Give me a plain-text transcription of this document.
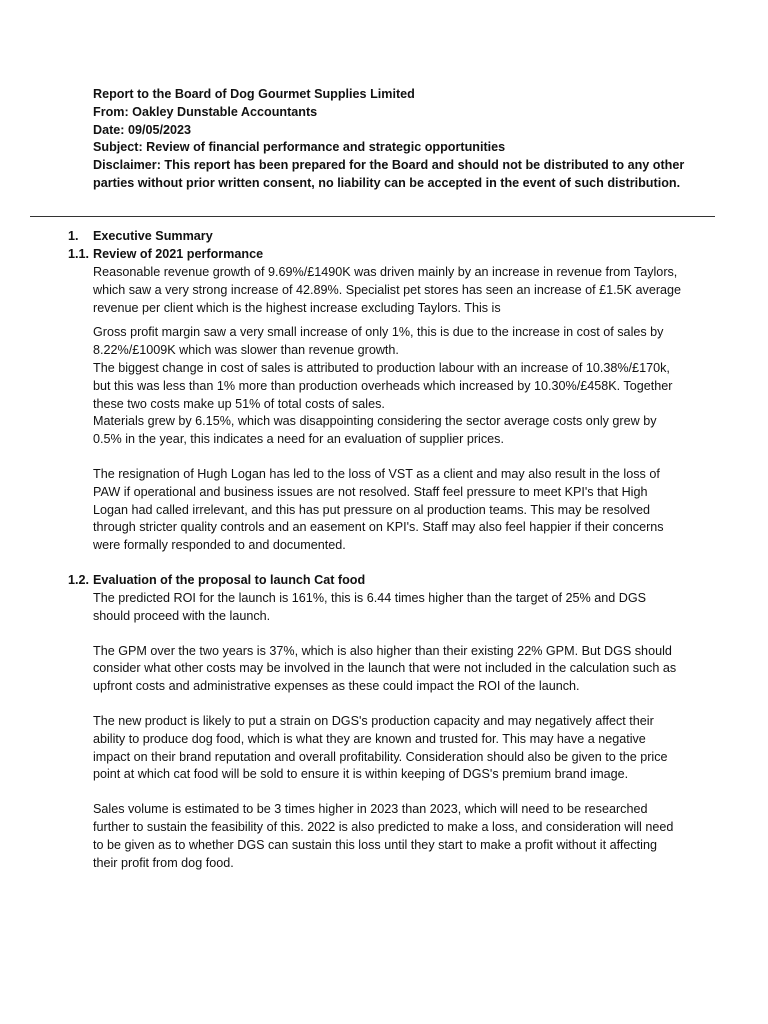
Report to the Board of Dog Gourmet Supplies Limited
From: Oakley Dunstable Accountants
Date: 09/05/2023
Subject: Review of financial performance and strategic opportunities
Disclaimer: This report has been prepared for the Board and should not be distributed to any other parties without prior written consent, no liability can be accepted in the event of such distribution.
1. Executive Summary
1.1. Review of 2021 performance
Reasonable revenue growth of 9.69%/£1490K was driven mainly by an increase in revenue from Taylors, which saw a very strong increase of 42.89%. Specialist pet stores has seen an increase of £1.5K average revenue per client which is the highest increase excluding Taylors. This is
Gross profit margin saw a very small increase of only 1%, this is due to the increase in cost of sales by 8.22%/£1009K which was slower than revenue growth.
The biggest change in cost of sales is attributed to production labour with an increase of 10.38%/£170k, but this was less than 1% more than production overheads which increased by 10.30%/£458K. Together these two costs make up 51% of total costs of sales.
Materials grew by 6.15%, which was disappointing considering the sector average costs only grew by 0.5% in the year, this indicates a need for an evaluation of supplier prices.
The resignation of Hugh Logan has led to the loss of VST as a client and may also result in the loss of PAW if operational and business issues are not resolved. Staff feel pressure to meet KPI's that High Logan had called irrelevant, and this has put pressure on al production teams. This may be resolved through stricter quality controls and an easement on KPI's. Staff may also feel happier if their concerns were formally responded to and documented.
1.2. Evaluation of the proposal to launch Cat food
The predicted ROI for the launch is 161%, this is 6.44 times higher than the target of 25% and DGS should proceed with the launch.
The GPM over the two years is 37%, which is also higher than their existing 22% GPM. But DGS should consider what other costs may be involved in the launch that were not included in the calculation such as upfront costs and administrative expenses as these could impact the ROI of the launch.
The new product is likely to put a strain on DGS's production capacity and may negatively affect their ability to produce dog food, which is what they are known and trusted for. This may have a negative impact on their brand reputation and overall profitability. Consideration should also be given to the price point at which cat food will be sold to ensure it is within keeping of DGS's premium brand image.
Sales volume is estimated to be 3 times higher in 2023 than 2023, which will need to be researched further to sustain the feasibility of this. 2022 is also predicted to make a loss, and consideration will need to be given as to whether DGS can sustain this loss until they start to make a profit without it affecting their profit from dog food.
